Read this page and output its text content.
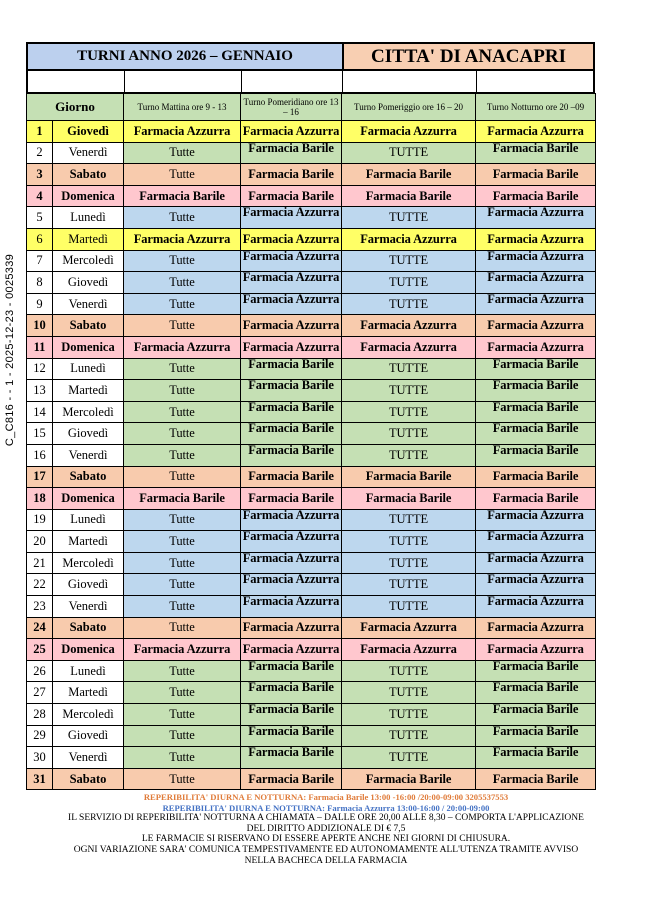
C_C816 - - 1 - 2025-12-23 - 0025339
TURNI ANNO 2026 – GENNAIO	CITTA' DI ANACAPRI
Giorno		Turno Mattina ore 9 - 13	Turno Pomeridiano ore 13 – 16	Turno Pomeriggio ore 16 – 20	Turno Notturno ore 20 –09
1	Giovedì	Farmacia Azzurra	Farmacia Azzurra	Farmacia Azzurra	Farmacia Azzurra
2	Venerdì	Tutte	Farmacia Barile	TUTTE	Farmacia Barile
3	Sabato	Tutte	Farmacia Barile	Farmacia Barile	Farmacia Barile
4	Domenica	Farmacia Barile	Farmacia Barile	Farmacia Barile	Farmacia Barile
5	Lunedì	Tutte	Farmacia Azzurra	TUTTE	Farmacia Azzurra
6	Martedì	Farmacia Azzurra	Farmacia Azzurra	Farmacia Azzurra	Farmacia Azzurra
7	Mercoledì	Tutte	Farmacia Azzurra	TUTTE	Farmacia Azzurra
8	Giovedì	Tutte	Farmacia Azzurra	TUTTE	Farmacia Azzurra
9	Venerdì	Tutte	Farmacia Azzurra	TUTTE	Farmacia Azzurra
10	Sabato	Tutte	Farmacia Azzurra	Farmacia Azzurra	Farmacia Azzurra
11	Domenica	Farmacia Azzurra	Farmacia Azzurra	Farmacia Azzurra	Farmacia Azzurra
12	Lunedì	Tutte	Farmacia Barile	TUTTE	Farmacia Barile
13	Martedì	Tutte	Farmacia Barile	TUTTE	Farmacia Barile
14	Mercoledì	Tutte	Farmacia Barile	TUTTE	Farmacia Barile
15	Giovedì	Tutte	Farmacia Barile	TUTTE	Farmacia Barile
16	Venerdì	Tutte	Farmacia Barile	TUTTE	Farmacia Barile
17	Sabato	Tutte	Farmacia Barile	Farmacia Barile	Farmacia Barile
18	Domenica	Farmacia Barile	Farmacia Barile	Farmacia Barile	Farmacia Barile
19	Lunedì	Tutte	Farmacia Azzurra	TUTTE	Farmacia Azzurra
20	Martedì	Tutte	Farmacia Azzurra	TUTTE	Farmacia Azzurra
21	Mercoledì	Tutte	Farmacia Azzurra	TUTTE	Farmacia Azzurra
22	Giovedì	Tutte	Farmacia Azzurra	TUTTE	Farmacia Azzurra
23	Venerdì	Tutte	Farmacia Azzurra	TUTTE	Farmacia Azzurra
24	Sabato	Tutte	Farmacia Azzurra	Farmacia Azzurra	Farmacia Azzurra
25	Domenica	Farmacia Azzurra	Farmacia Azzurra	Farmacia Azzurra	Farmacia Azzurra
26	Lunedì	Tutte	Farmacia Barile	TUTTE	Farmacia Barile
27	Martedì	Tutte	Farmacia Barile	TUTTE	Farmacia Barile
28	Mercoledì	Tutte	Farmacia Barile	TUTTE	Farmacia Barile
29	Giovedì	Tutte	Farmacia Barile	TUTTE	Farmacia Barile
30	Venerdì	Tutte	Farmacia Barile	TUTTE	Farmacia Barile
31	Sabato	Tutte	Farmacia Barile	Farmacia Barile	Farmacia Barile
REPERIBILITA' DIURNA E NOTTURNA: Farmacia Barile 13:00 -16:00 /20:00-09:00 3205537553
REPERIBILITA' DIURNA E NOTTURNA: Farmacia Azzurra 13:00-16:00 / 20:00-09:00
IL SERVIZIO DI REPERIBILITA' NOTTURNA A CHIAMATA – DALLE ORE 20,00 ALLE 8,30 – COMPORTA L'APPLICAZIONE
DEL DIRITTO ADDIZIONALE DI € 7,5
LE FARMACIE SI RISERVANO DI ESSERE APERTE ANCHE NEI GIORNI DI CHIUSURA.
OGNI VARIAZIONE SARA' COMUNICA TEMPESTIVAMENTE ED AUTONOMAMENTE ALL'UTENZA TRAMITE AVVISO
NELLA BACHECA DELLA FARMACIA
